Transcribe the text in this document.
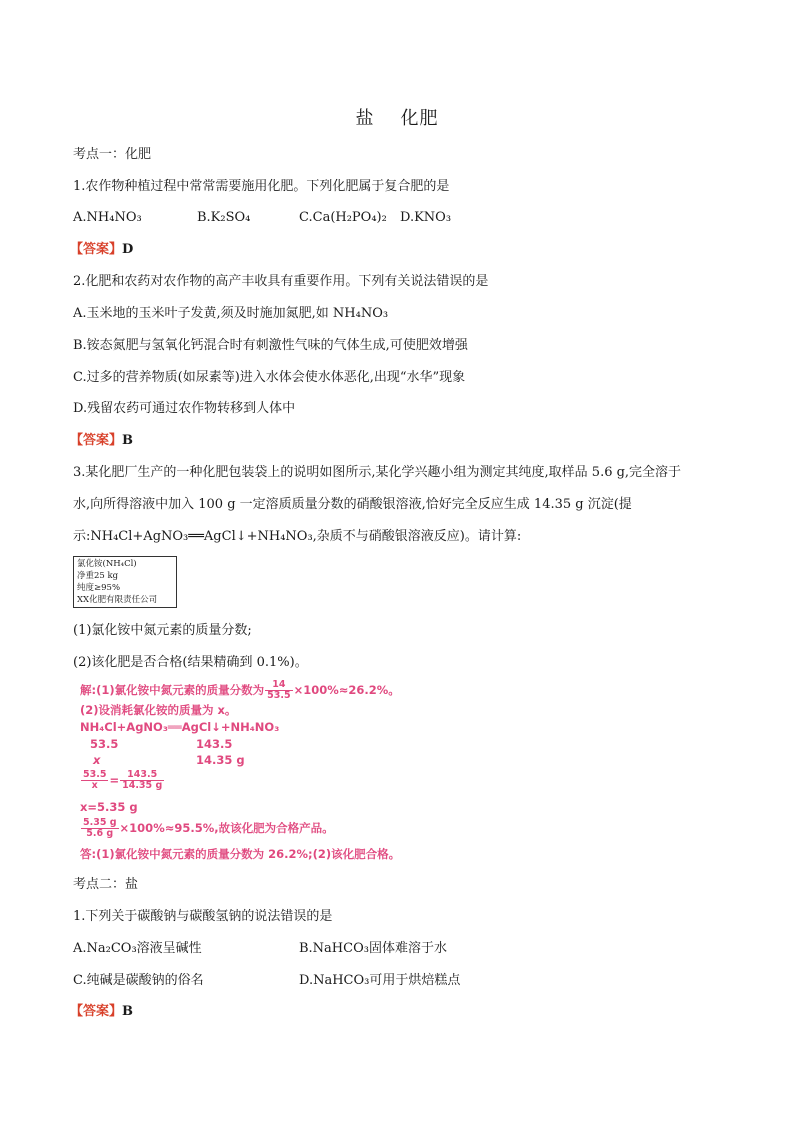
盐 化肥
考点一：化肥
1.农作物种植过程中常常需要施用化肥。下列化肥属于复合肥的是
A.NH₄NO₃	B.K₂SO₄	C.Ca(H₂PO₄)₂ D.KNO₃
【答案】D
2.化肥和农药对农作物的高产丰收具有重要作用。下列有关说法错误的是
A.玉米地的玉米叶子发黄,须及时施加氮肥,如 NH₄NO₃
B.铵态氮肥与氢氧化钙混合时有刺激性气味的气体生成,可使肥效增强
C.过多的营养物质(如尿素等)进入水体会使水体恶化,出现“水华”现象
D.残留农药可通过农作物转移到人体中
【答案】B
3.某化肥厂生产的一种化肥包装袋上的说明如图所示,某化学兴趣小组为测定其纯度,取样品 5.6 g,完全溶于
水,向所得溶液中加入 100 g 一定溶质质量分数的硝酸银溶液,恰好完全反应生成 14.35 g 沉淀(提
示:NH₄Cl+AgNO₃══AgCl↓+NH₄NO₃,杂质不与硝酸银溶液反应)。请计算:
氯化铵(NH₄Cl)
净重25 kg
纯度≥95%
XX化肥有限责任公司
(1)氯化铵中氮元素的质量分数;
(2)该化肥是否合格(结果精确到 0.1%)。
解:(1)氯化铵中氮元素的质量分数为 $\frac{14}{53.5} \times 100\%\approx 26.2\%$。
(2)设消耗氯化铵的质量为 x。
NH₄Cl+AgNO₃══AgCl↓+NH₄NO₃
53.5	143.5
x	14.35 g
$\frac{53.5}{x} = \frac{143.5}{14.35 g}$
x=5.35 g
$\frac{5.35 g}{5.6 g} \times 100\%\approx 95.5\%$,故该化肥为合格产品。
答:(1)氯化铵中氮元素的质量分数为 26.2%;(2)该化肥合格。
考点二：盐
1.下列关于碳酸钠与碳酸氢钠的说法错误的是
A.Na₂CO₃溶液呈碱性	B.NaHCO₃固体难溶于水
C.纯碱是碳酸钠的俗名	D.NaHCO₃可用于烘焙糕点
【答案】B
